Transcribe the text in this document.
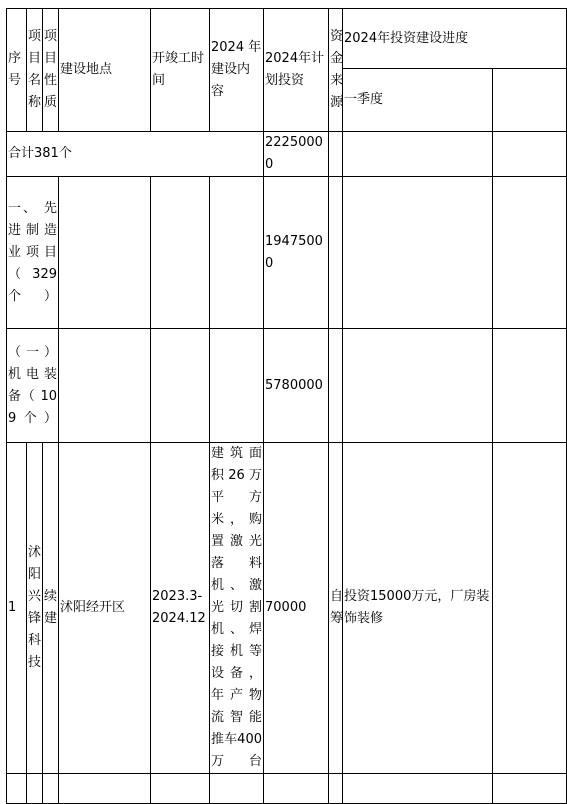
序号	项目名称	项目性质	建设地点	开竣工时间	2024 年建设内容	2024年计划投资	资金来源	2024年投资建设进度	
								一季度	
合计381个						22250000			
一、 先进制造业项目（ 329个）						19475000			
（一）机电装备（ 109个）						5780000			
1	沭阳兴锋科技	续建	沭阳经开区	2023.3-2024.12	建筑面积26万平方米，购置激光落料机、激光切割机、焊接机等设备，年产物流智能推车400万台	70000	自筹	投资15000万元，厂房装饰装修	
